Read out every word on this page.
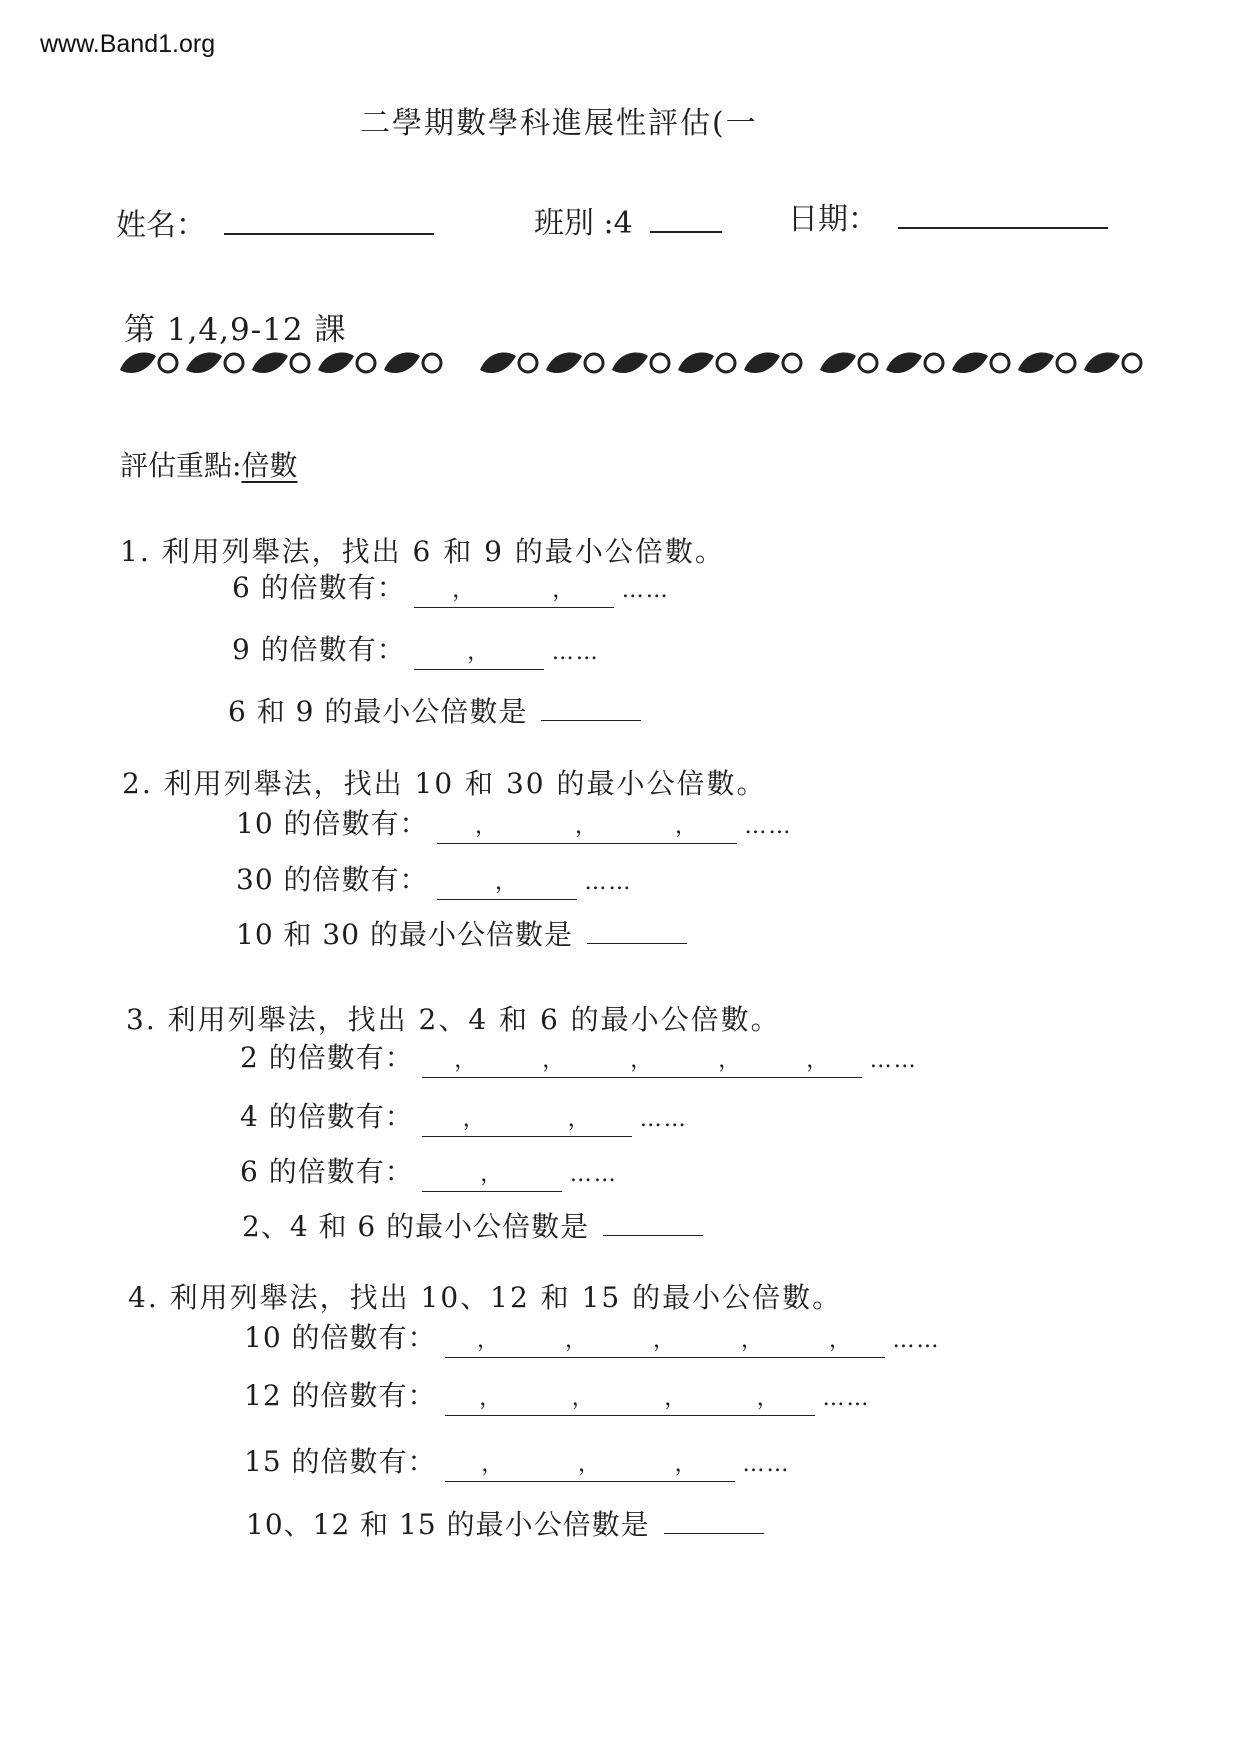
www.Band1.org
二學期數學科進展性評估(一
姓名：	班別 :4	日期：
第 1,4,9-12 課
評估重點:倍數
1. 利用列舉法，找出 6 和 9 的最小公倍數。
6 的倍數有： ，	， ……
9 的倍數有：	，	……
6 和 9 的最小公倍數是
2. 利用列舉法，找出 10 和 30 的最小公倍數。
10 的倍數有： ，	，	， ……
30 的倍數有：	，	……
10 和 30 的最小公倍數是
3. 利用列舉法，找出 2、4 和 6 的最小公倍數。
2 的倍數有： ，	，	，	，	， ……
4 的倍數有： ，	， ……
6 的倍數有：	，	……
2、4 和 6 的最小公倍數是
4. 利用列舉法，找出 10、12 和 15 的最小公倍數。
10 的倍數有： ，	，	，	，	， ……
12 的倍數有： ，	，	，	， ……
15 的倍數有： ，	，	， ……
10、12 和 15 的最小公倍數是
